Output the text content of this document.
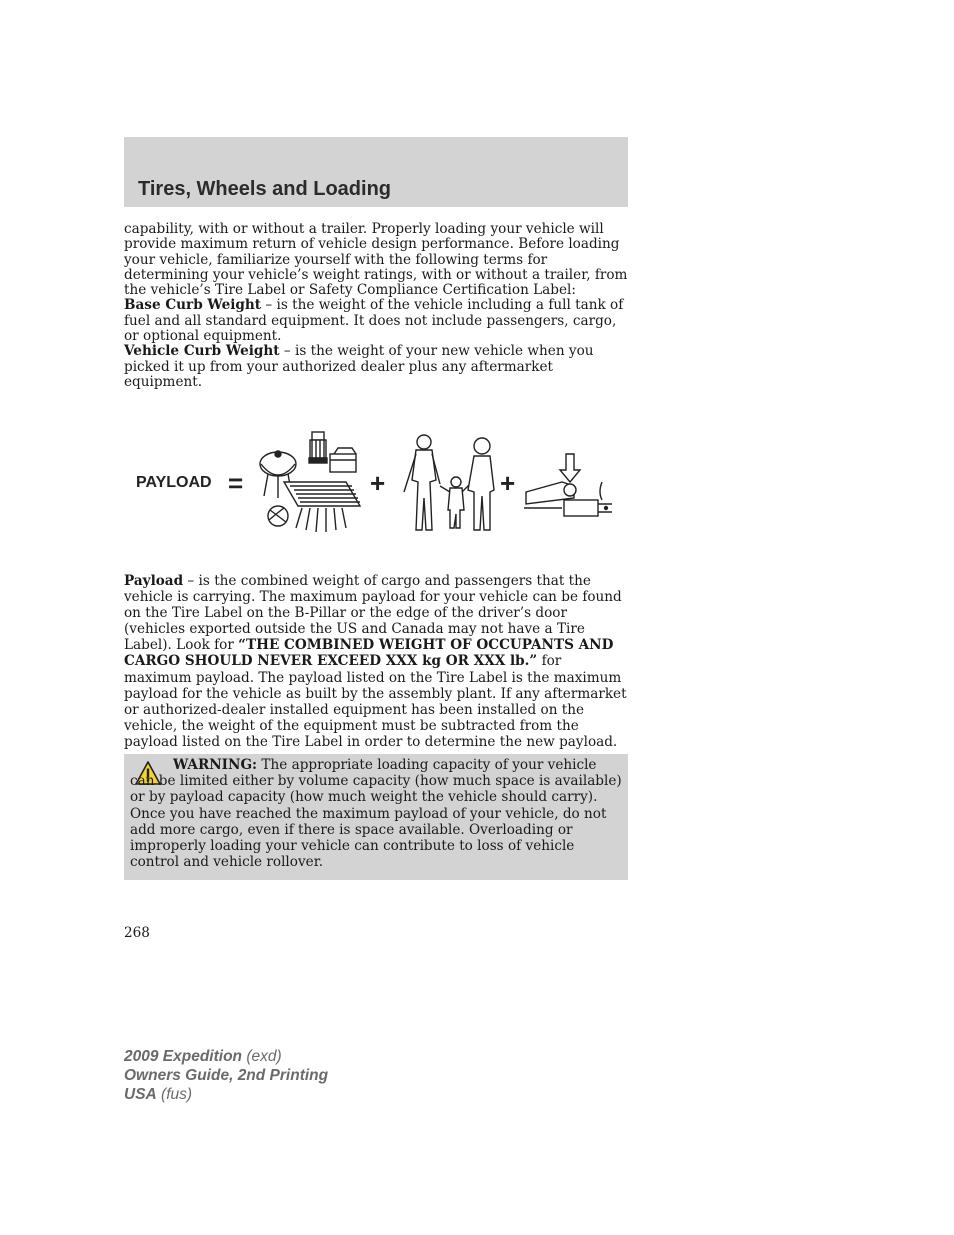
Tires, Wheels and Loading

capability, with or without a trailer. Properly loading your vehicle will provide maximum return of vehicle design performance. Before loading your vehicle, familiarize yourself with the following terms for determining your vehicle’s weight ratings, with or without a trailer, from the vehicle’s Tire Label or Safety Compliance Certification Label:

Base Curb Weight – is the weight of the vehicle including a full tank of fuel and all standard equipment. It does not include passengers, cargo, or optional equipment.

Vehicle Curb Weight – is the weight of your new vehicle when you picked it up from your authorized dealer plus any aftermarket equipment.

PAYLOAD =	+	+

Payload – is the combined weight of cargo and passengers that the vehicle is carrying. The maximum payload for your vehicle can be found on the Tire Label on the B-Pillar or the edge of the driver’s door (vehicles exported outside the US and Canada may not have a Tire Label). Look for “THE COMBINED WEIGHT OF OCCUPANTS AND CARGO SHOULD NEVER EXCEED XXX kg OR XXX lb.” for maximum payload. The payload listed on the Tire Label is the maximum payload for the vehicle as built by the assembly plant. If any aftermarket or authorized-dealer installed equipment has been installed on the vehicle, the weight of the equipment must be subtracted from the payload listed on the Tire Label in order to determine the new payload.

WARNING: The appropriate loading capacity of your vehicle can be limited either by volume capacity (how much space is available) or by payload capacity (how much weight the vehicle should carry). Once you have reached the maximum payload of your vehicle, do not add more cargo, even if there is space available. Overloading or improperly loading your vehicle can contribute to loss of vehicle control and vehicle rollover.
268
2009 Expedition (exd)
Owners Guide, 2nd Printing
USA (fus)
